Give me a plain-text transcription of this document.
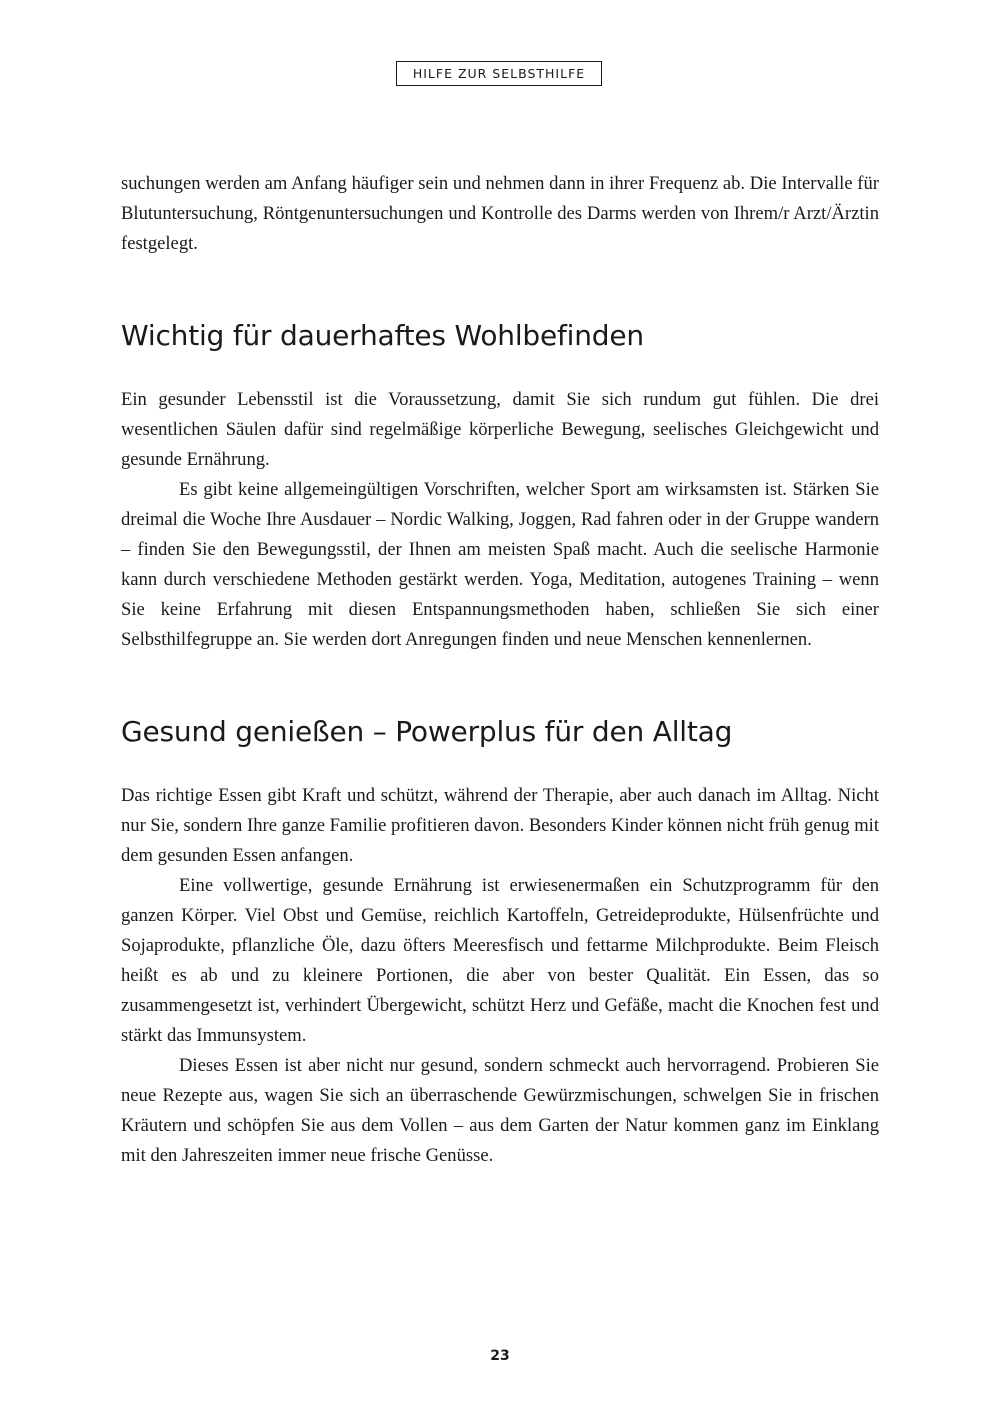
HILFE ZUR SELBSTHILFE

suchungen werden am Anfang häufiger sein und nehmen dann in ihrer Frequenz ab. Die Intervalle für Blutuntersuchung, Röntgenuntersuchungen und Kontrolle des Darms werden von Ihrem/r Arzt/Ärztin festgelegt.

Wichtig für dauerhaftes Wohlbefinden

Ein gesunder Lebensstil ist die Voraussetzung, damit Sie sich rundum gut fühlen. Die drei wesentlichen Säulen dafür sind regelmäßige körperliche Bewegung, seelisches Gleichgewicht und gesunde Ernährung.

Es gibt keine allgemeingültigen Vorschriften, welcher Sport am wirksamsten ist. Stärken Sie dreimal die Woche Ihre Ausdauer – Nordic Walking, Joggen, Rad fahren oder in der Gruppe wandern – finden Sie den Bewegungsstil, der Ihnen am meisten Spaß macht. Auch die seelische Harmonie kann durch verschiedene Methoden gestärkt werden. Yoga, Meditation, autogenes Training – wenn Sie keine Erfahrung mit diesen Entspannungsmethoden haben, schließen Sie sich einer Selbsthilfegruppe an. Sie werden dort Anregungen finden und neue Menschen kennenlernen.

Gesund genießen – Powerplus für den Alltag

Das richtige Essen gibt Kraft und schützt, während der Therapie, aber auch danach im Alltag. Nicht nur Sie, sondern Ihre ganze Familie profitieren davon. Besonders Kinder können nicht früh genug mit dem gesunden Essen anfangen.

Eine vollwertige, gesunde Ernährung ist erwiesenermaßen ein Schutzprogramm für den ganzen Körper. Viel Obst und Gemüse, reichlich Kartoffeln, Getreideprodukte, Hülsenfrüchte und Sojaprodukte, pflanzliche Öle, dazu öfters Meeresfisch und fettarme Milchprodukte. Beim Fleisch heißt es ab und zu kleinere Portionen, die aber von bester Qualität. Ein Essen, das so zusammengesetzt ist, verhindert Übergewicht, schützt Herz und Gefäße, macht die Knochen fest und stärkt das Immunsystem.

Dieses Essen ist aber nicht nur gesund, sondern schmeckt auch hervorragend. Probieren Sie neue Rezepte aus, wagen Sie sich an überraschende Gewürzmischungen, schwelgen Sie in frischen Kräutern und schöpfen Sie aus dem Vollen – aus dem Garten der Natur kommen ganz im Einklang mit den Jahreszeiten immer neue frische Genüsse.

23
